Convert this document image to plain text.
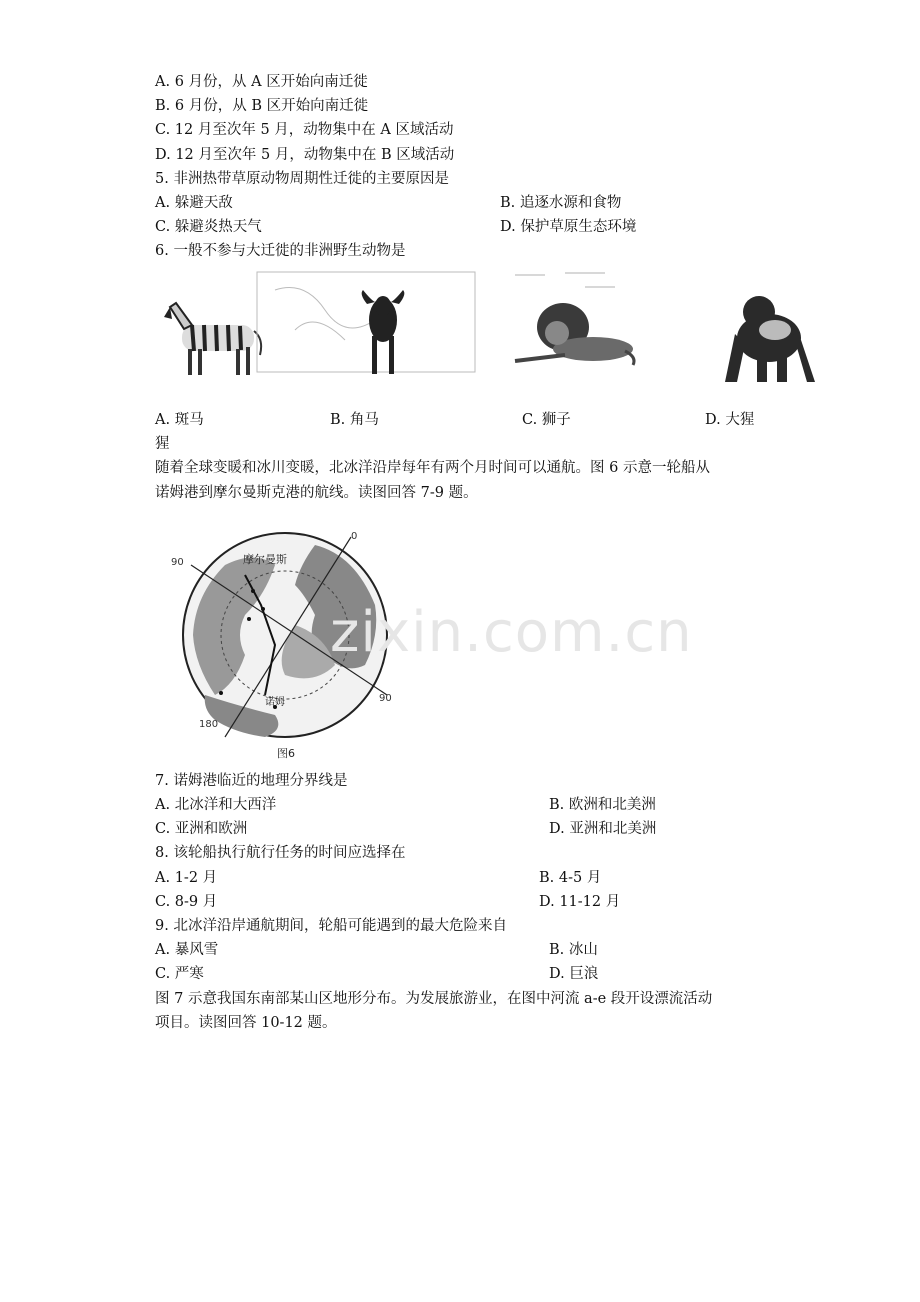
A. 6 月份，从 A 区开始向南迁徙
B. 6 月份，从 B 区开始向南迁徙
C. 12 月至次年 5 月，动物集中在 A 区域活动
D. 12 月至次年 5 月，动物集中在 B 区域活动
5. 非洲热带草原动物周期性迁徙的主要原因是
A. 躲避天敌	B. 追逐水源和食物
C. 躲避炎热天气	D. 保护草原生态环境
6. 一般不参与大迁徙的非洲野生动物是
A. 斑马	B. 角马	C. 狮子	D. 大猩
猩
随着全球变暖和冰川变暖，北冰洋沿岸每年有两个月时间可以通航。图 6 示意一轮船从
诺姆港到摩尔曼斯克港的航线。读图回答 7-9 题。
0
90
90
180
摩尔曼斯
诺姆
图6
zixin.com.cn
7. 诺姆港临近的地理分界线是
A. 北冰洋和大西洋	B. 欧洲和北美洲
C. 亚洲和欧洲	D. 亚洲和北美洲
8. 该轮船执行航行任务的时间应选择在
A. 1-2 月	B. 4-5 月
C. 8-9 月	D. 11-12 月
9. 北冰洋沿岸通航期间，轮船可能遇到的最大危险来自
A. 暴风雪	B. 冰山
C. 严寒	D. 巨浪
图 7 示意我国东南部某山区地形分布。为发展旅游业，在图中河流 a-e 段开设漂流活动
项目。读图回答 10-12 题。
